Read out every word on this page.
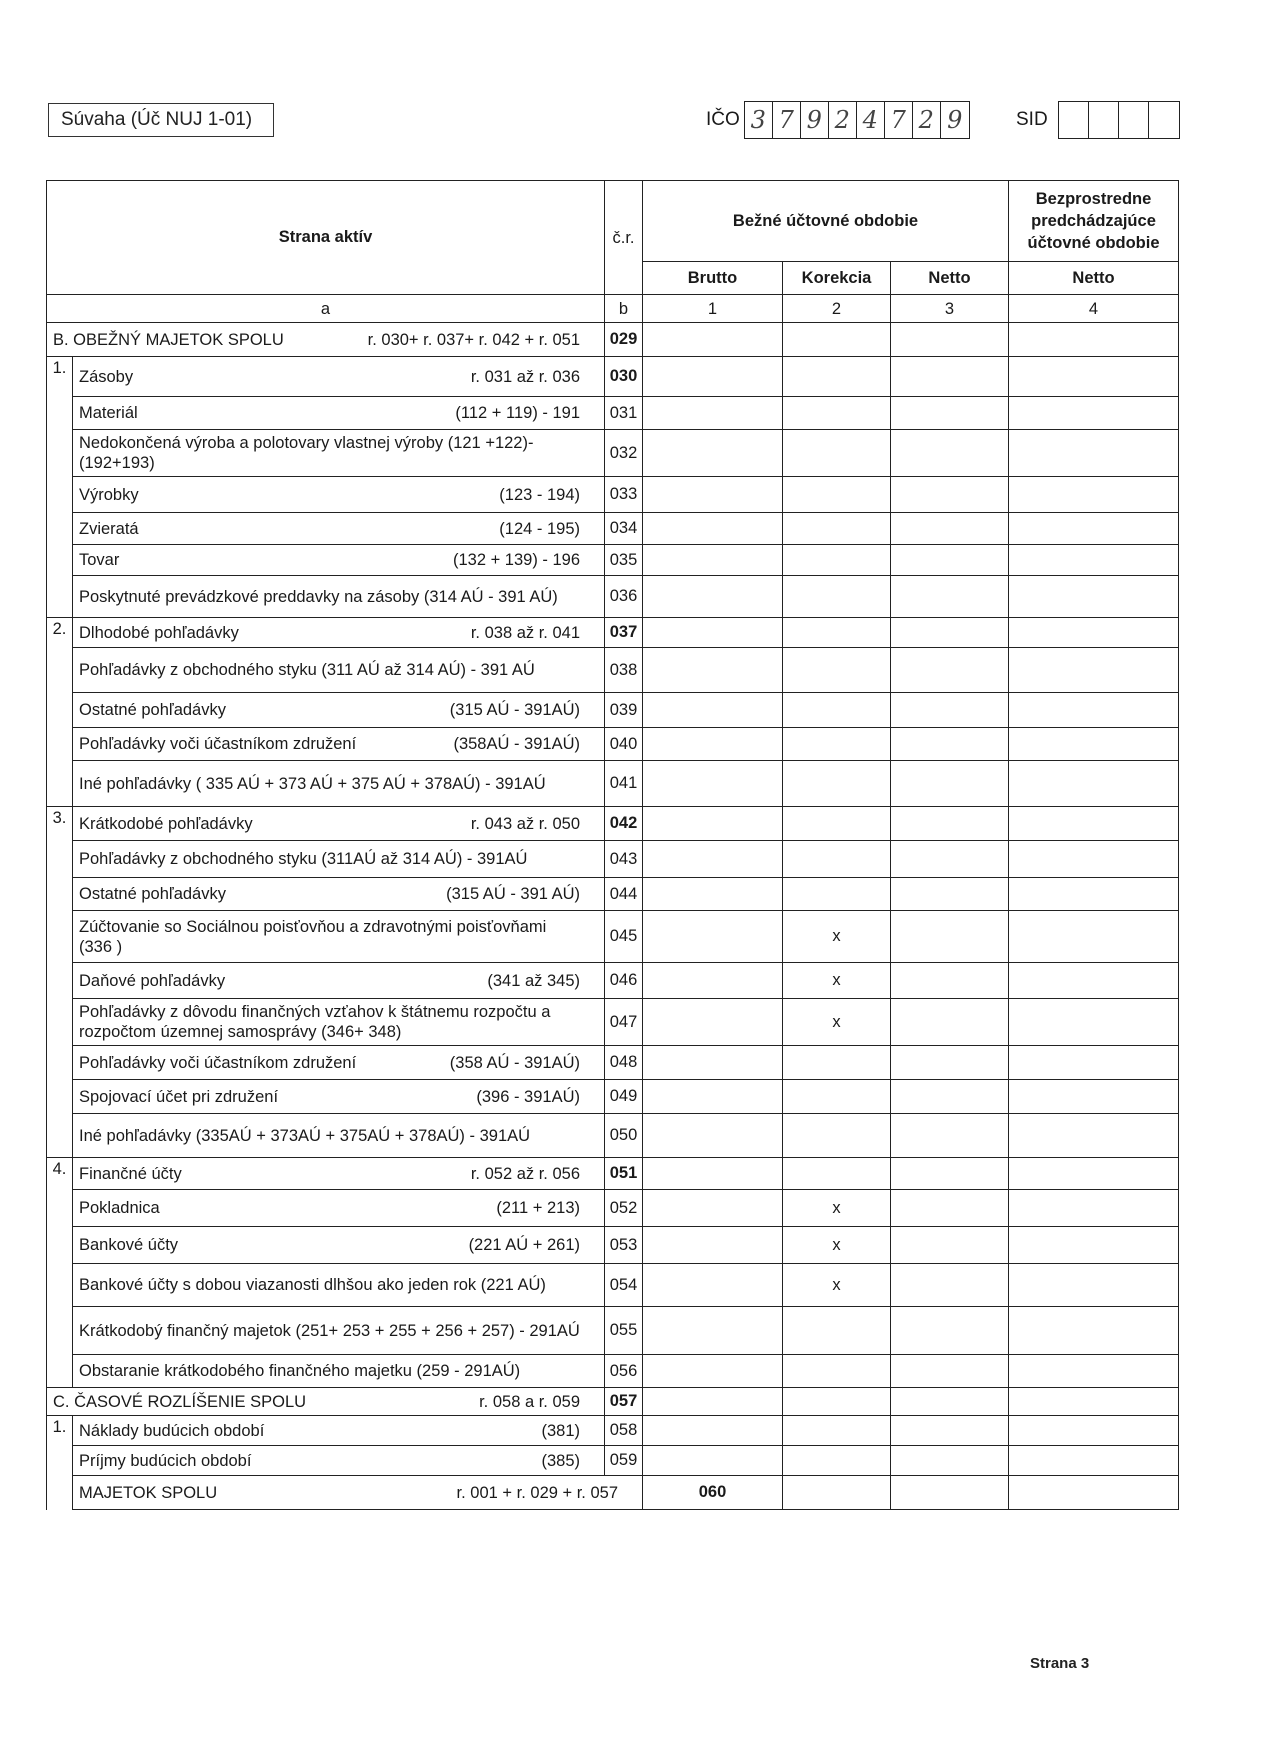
Súvaha (Úč NUJ 1-01)	IČO 3 7 9 2 4 7 2 9	SID
Strana aktív		č.r.	Bežné účtovné obdobie			Bezprostredne predchádzajúce účtovné obdobie	
			Brutto	Korekcia	Netto	Netto	
a		b	1	2	3	4	

B. OBEŽNÝ MAJETOK SPOLU r. 030+ r. 037+ r. 042 + r. 051		029					
1.	Zásoby r. 031 až r. 036	030					

	Materiál (112 + 119) - 191	031					

	Nedokončená výroba a polotovary vlastnej výroby (121 +122)-(192+193)	032					

	Výrobky (123 - 194)	033					

	Zvieratá (124 - 195)	034					

	Tovar (132 + 139) - 196	035					

	Poskytnuté prevádzkové preddavky na zásoby (314 AÚ - 391 AÚ)	036					
2.	Dlhodobé pohľadávky r. 038 až r. 041	037					

	Pohľadávky z obchodného styku (311 AÚ až 314 AÚ) - 391 AÚ	038					

	Ostatné pohľadávky (315 AÚ - 391AÚ)	039					

	Pohľadávky voči účastníkom združení (358AÚ - 391AÚ)	040					

	Iné pohľadávky ( 335 AÚ + 373 AÚ + 375 AÚ + 378AÚ) - 391AÚ	041					
3.	Krátkodobé pohľadávky r. 043 až r. 050	042					

	Pohľadávky z obchodného styku (311AÚ až 314 AÚ) - 391AÚ	043					

	Ostatné pohľadávky (315 AÚ - 391 AÚ)	044					

	Zúčtovanie so Sociálnou poisťovňou a zdravotnými poisťovňami (336 )	045		x			

	Daňové pohľadávky (341 až 345)	046		x			

	Pohľadávky z dôvodu finančných vzťahov k štátnemu rozpočtu a rozpočtom územnej samosprávy (346+ 348)	047		x			

	Pohľadávky voči účastníkom združení (358 AÚ - 391AÚ)	048					

	Spojovací účet pri združení (396 - 391AÚ)	049					

	Iné pohľadávky (335AÚ + 373AÚ + 375AÚ + 378AÚ) - 391AÚ	050					
4.	Finančné účty r. 052 až r. 056	051					

	Pokladnica (211 + 213)	052		x			

	Bankové účty (221 AÚ + 261)	053		x			

	Bankové účty s dobou viazanosti dlhšou ako jeden rok (221 AÚ)	054		x			

	Krátkodobý finančný majetok (251+ 253 + 255 + 256 + 257) - 291AÚ	055					

	Obstaranie krátkodobého finančného majetku (259 - 291AÚ)	056					

C. ČASOVÉ ROZLÍŠENIE SPOLU r. 058 a r. 059		057					
1.	Náklady budúcich období (381)	058					

	Príjmy budúcich období (385)	059					

	MAJETOK SPOLU r. 001 + r. 029 + r. 057		060				
Strana 3
